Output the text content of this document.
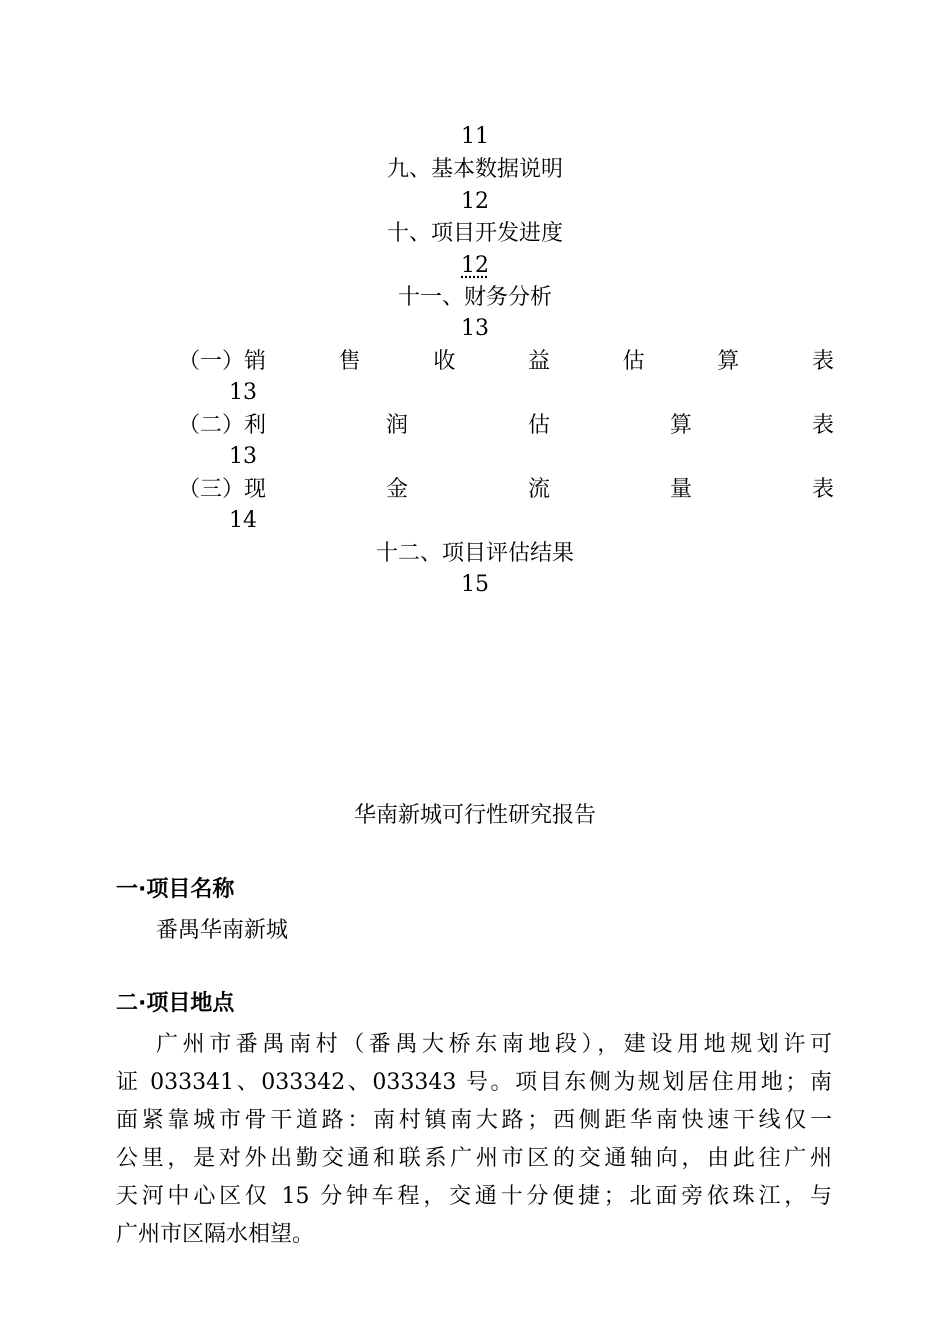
11
九、基本数据说明
12
十、项目开发进度
12
十一、财务分析
13
（一）销	售	收	益	估	算	表
13
（二）利	润	估	算	表
13
（三）现	金	流	量	表
14
十二、项目评估结果
15
华南新城可行性研究报告
一·项目名称
番禺华南新城
二·项目地点
广州市番禺南村（番禺大桥东南地段），建设用地规划许可
证 033341、033342、033343 号。项目东侧为规划居住用地；南
面紧靠城市骨干道路：南村镇南大路；西侧距华南快速干线仅一
公里，是对外出勤交通和联系广州市区的交通轴向，由此往广州
天河中心区仅 15 分钟车程，交通十分便捷；北面旁依珠江，与
广州市区隔水相望。
